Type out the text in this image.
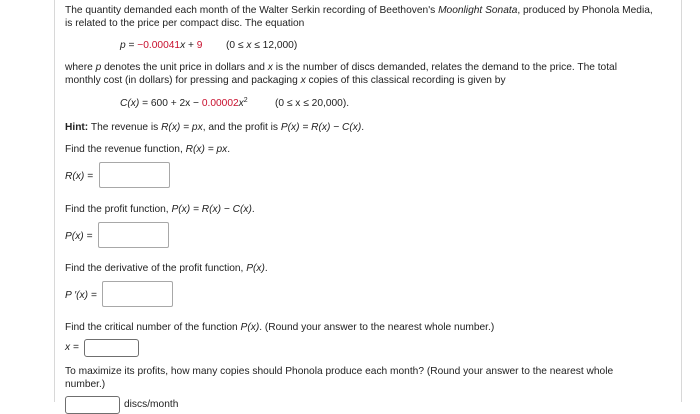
The quantity demanded each month of the Walter Serkin recording of Beethoven's Moonlight Sonata, produced by Phonola Media,
is related to the price per compact disc. The equation
p = −0.00041x + 9 (0 ≤ x ≤ 12,000)
where p denotes the unit price in dollars and x is the number of discs demanded, relates the demand to the price. The total
monthly cost (in dollars) for pressing and packaging x copies of this classical recording is given by
$C(x) = 600 + 2x - 0.00002x^2$	(0 ≤ x ≤ 20,000).
Hint: The revenue is R(x) = px, and the profit is P(x) = R(x) − C(x).
Find the revenue function, R(x) = px.
R(x) =
Find the profit function, P(x) = R(x) − C(x).
P(x) =
Find the derivative of the profit function, P(x).
P ′(x) =
Find the critical number of the function P(x). (Round your answer to the nearest whole number.)
x =
To maximize its profits, how many copies should Phonola produce each month? (Round your answer to the nearest whole
number.)
discs/month
